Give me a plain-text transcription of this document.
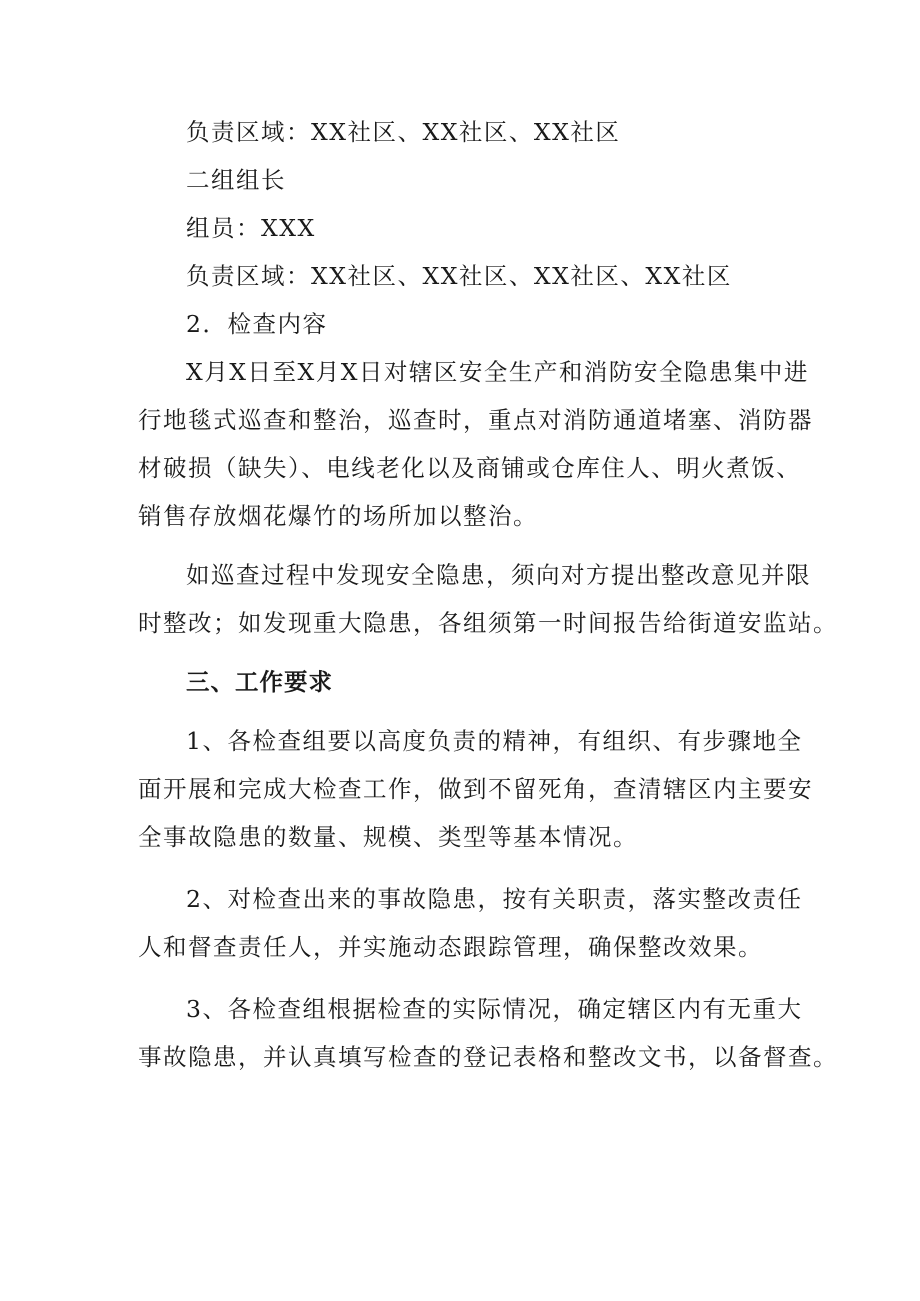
负责区域：XX社区、XX社区、XX社区
二组组长
组员：XXX
负责区域：XX社区、XX社区、XX社区、XX社区
2．检查内容
X月X日至X月X日对辖区安全生产和消防安全隐患集中进
行地毯式巡查和整治，巡查时，重点对消防通道堵塞、消防器
材破损（缺失）、电线老化以及商铺或仓库住人、明火煮饭、
销售存放烟花爆竹的场所加以整治。
如巡查过程中发现安全隐患，须向对方提出整改意见并限
时整改；如发现重大隐患，各组须第一时间报告给街道安监站。
三、工作要求
1、各检查组要以高度负责的精神，有组织、有步骤地全
面开展和完成大检查工作，做到不留死角，查清辖区内主要安
全事故隐患的数量、规模、类型等基本情况。
2、对检查出来的事故隐患，按有关职责，落实整改责任
人和督查责任人，并实施动态跟踪管理，确保整改效果。
3、各检查组根据检查的实际情况，确定辖区内有无重大
事故隐患，并认真填写检查的登记表格和整改文书，以备督查。
